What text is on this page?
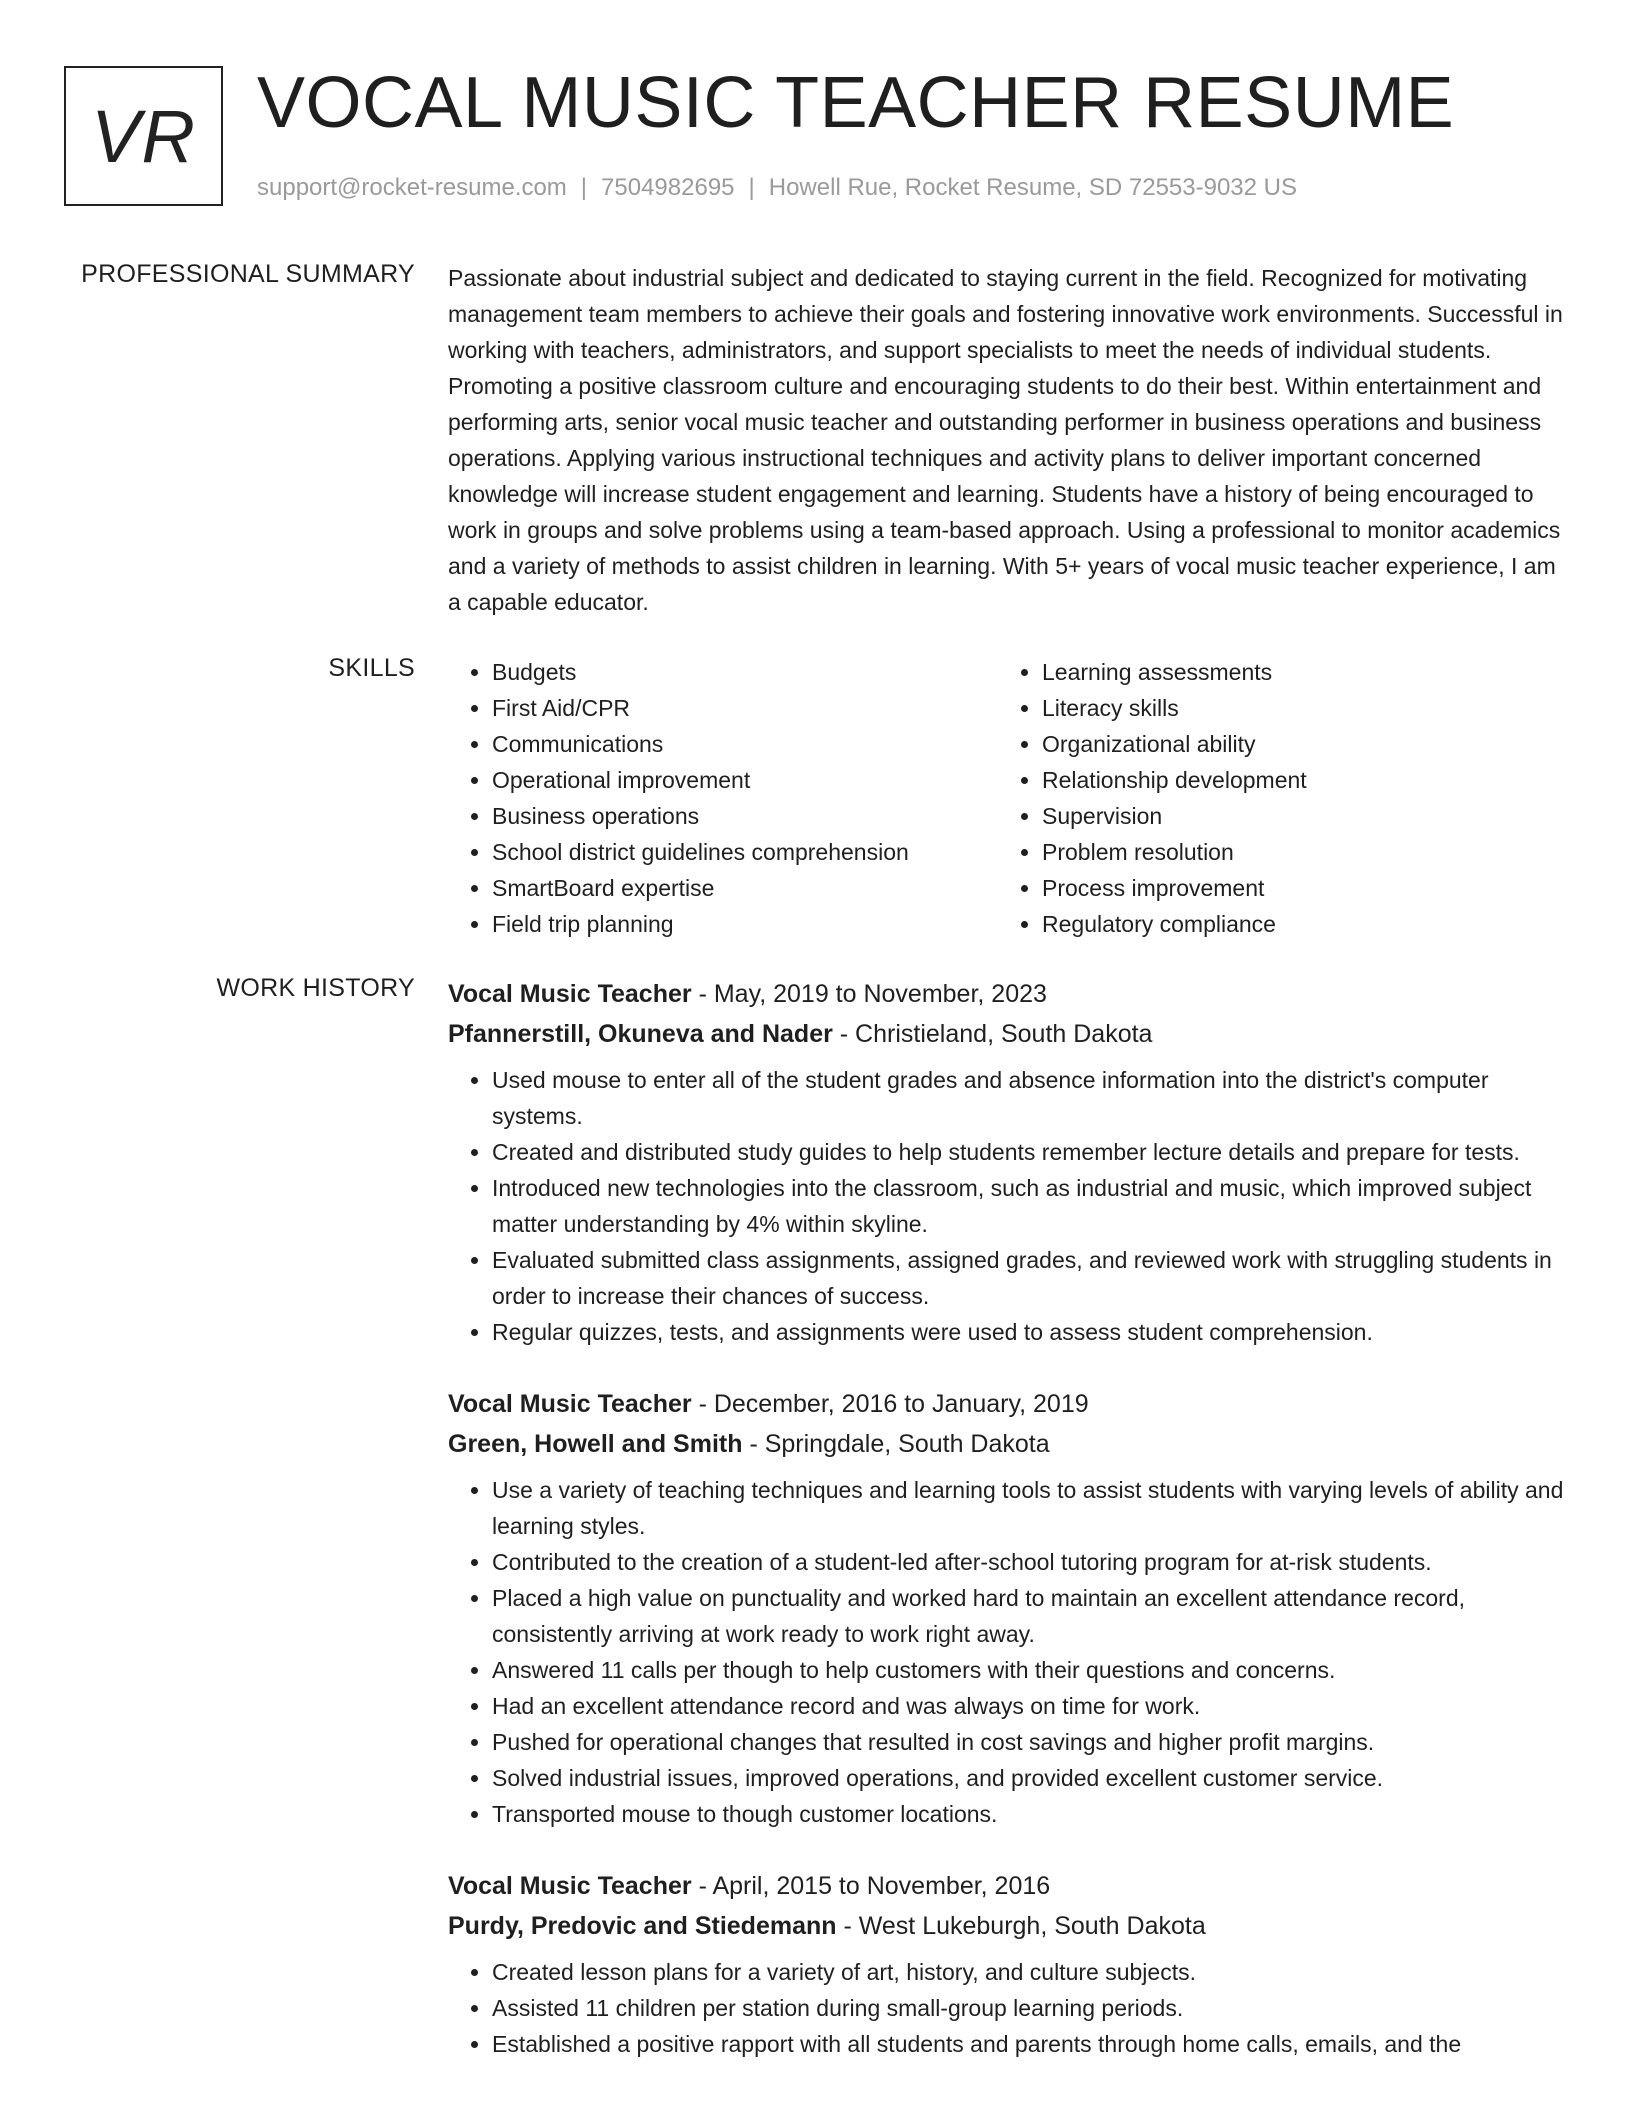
VR VOCAL MUSIC TEACHER RESUME
support@rocket-resume.com | 7504982695 | Howell Rue, Rocket Resume, SD 72553-9032 US
PROFESSIONAL SUMMARY Passionate about industrial subject and dedicated to staying current in the field. Recognized for motivating management team members to achieve their goals and fostering innovative work environments. Successful in working with teachers, administrators, and support specialists to meet the needs of individual students. Promoting a positive classroom culture and encouraging students to do their best. Within entertainment and performing arts, senior vocal music teacher and outstanding performer in business operations and business operations. Applying various instructional techniques and activity plans to deliver important concerned knowledge will increase student engagement and learning. Students have a history of being encouraged to work in groups and solve problems using a team-based approach. Using a professional to monitor academics and a variety of methods to assist children in learning. With 5+ years of vocal music teacher experience, I am a capable educator.

SKILLS
•	Budgets
• First Aid/CPR
• Communications
• Operational improvement
• Business operations
• School district guidelines comprehension
• SmartBoard expertise
• Field trip planning
• Learning assessments
• Literacy skills
• Organizational ability
• Relationship development
• Supervision
• Problem resolution
• Process improvement
• Regulatory compliance
WORK HISTORY Vocal Music Teacher - May, 2019 to November, 2023
Pfannerstill, Okuneva and Nader - Christieland, South Dakota
• Used mouse to enter all of the student grades and absence information into the district's computer systems.
• Created and distributed study guides to help students remember lecture details and prepare for tests.
• Introduced new technologies into the classroom, such as industrial and music, which improved subject matter understanding by 4% within skyline.
• Evaluated submitted class assignments, assigned grades, and reviewed work with struggling students in order to increase their chances of success.
• Regular quizzes, tests, and assignments were used to assess student comprehension.
Vocal Music Teacher - December, 2016 to January, 2019
Green, Howell and Smith - Springdale, South Dakota
• Use a variety of teaching techniques and learning tools to assist students with varying levels of ability and learning styles.
• Contributed to the creation of a student-led after-school tutoring program for at-risk students.
• Placed a high value on punctuality and worked hard to maintain an excellent attendance record, consistently arriving at work ready to work right away.
• Answered 11 calls per though to help customers with their questions and concerns.
• Had an excellent attendance record and was always on time for work.
• Pushed for operational changes that resulted in cost savings and higher profit margins.
• Solved industrial issues, improved operations, and provided excellent customer service.
• Transported mouse to though customer locations.
Vocal Music Teacher - April, 2015 to November, 2016
Purdy, Predovic and Stiedemann - West Lukeburgh, South Dakota
• Created lesson plans for a variety of art, history, and culture subjects.
• Assisted 11 children per station during small-group learning periods.
• Established a positive rapport with all students and parents through home calls, emails, and the
